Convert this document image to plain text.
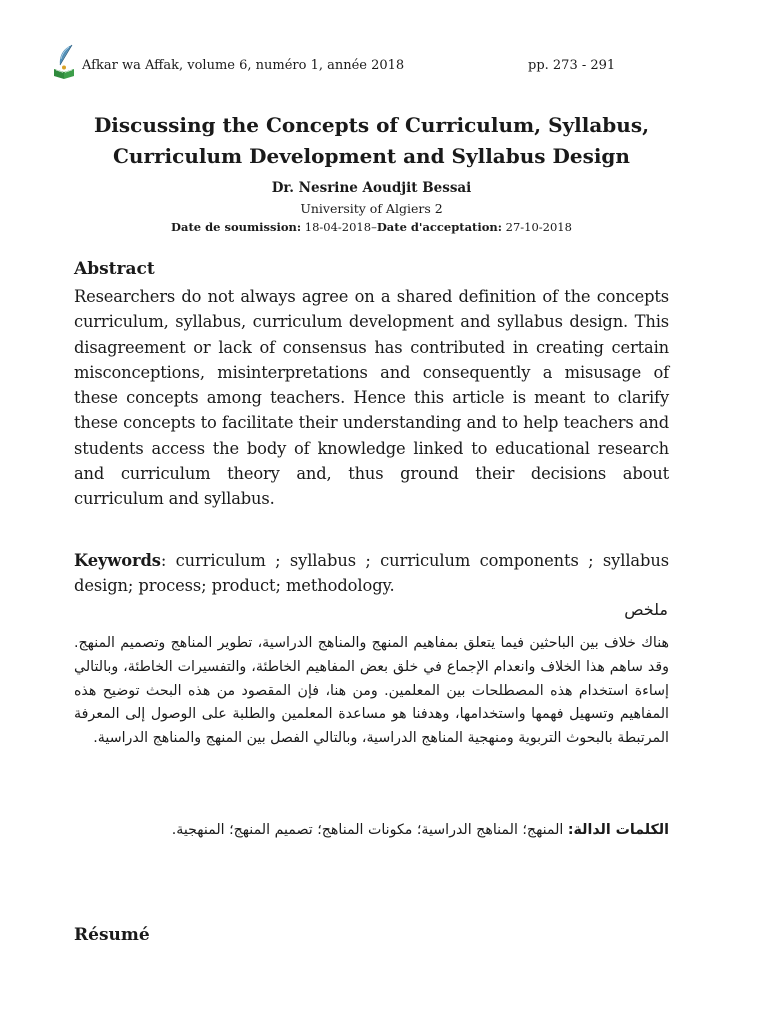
Afkar wa Affak, volume 6, numéro 1, année 2018	pp. 273 - 291
Discussing the Concepts of Curriculum, Syllabus, Curriculum Development and Syllabus Design
Dr. Nesrine Aoudjit Bessai
University of Algiers 2
Date de soumission: 18-04-2018–Date d'acceptation: 27-10-2018
Abstract
Researchers do not always agree on a shared definition of the concepts curriculum, syllabus, curriculum development and syllabus design. This disagreement or lack of consensus has contributed in creating certain misconceptions, misinterpretations and consequently a misusage of these concepts among teachers. Hence this article is meant to clarify these concepts to facilitate their understanding and to help teachers and students access the body of knowledge linked to educational research and curriculum theory and, thus ground their decisions about curriculum and syllabus.
Keywords: curriculum ; syllabus ; curriculum components ; syllabus design; process; product; methodology.
ملخص
هناك خلاف بين الباحثين فيما يتعلق بمفاهيم المنهج والمناهج الدراسية، تطوير المناهج وتصميم المنهج. وقد ساهم هذا الخلاف وانعدام الإجماع في خلق بعض المفاهيم الخاطئة، والتفسيرات الخاطئة، وبالتالي إساءة استخدام هذه المصطلحات بين المعلمين. ومن هنا، فإن المقصود من هذه البحث توضيح هذه المفاهيم وتسهيل فهمها واستخدامها، وهدفنا هو مساعدة المعلمين والطلبة على الوصول إلى المعرفة المرتبطة بالبحوث التربوية ومنهجية المناهج الدراسية، وبالتالي الفصل بين المنهج والمناهج الدراسية.
الكلمات الدالة: المنهج؛ المناهج الدراسية؛ مكونات المناهج؛ تصميم المنهج؛ المنهجية.
Résumé
